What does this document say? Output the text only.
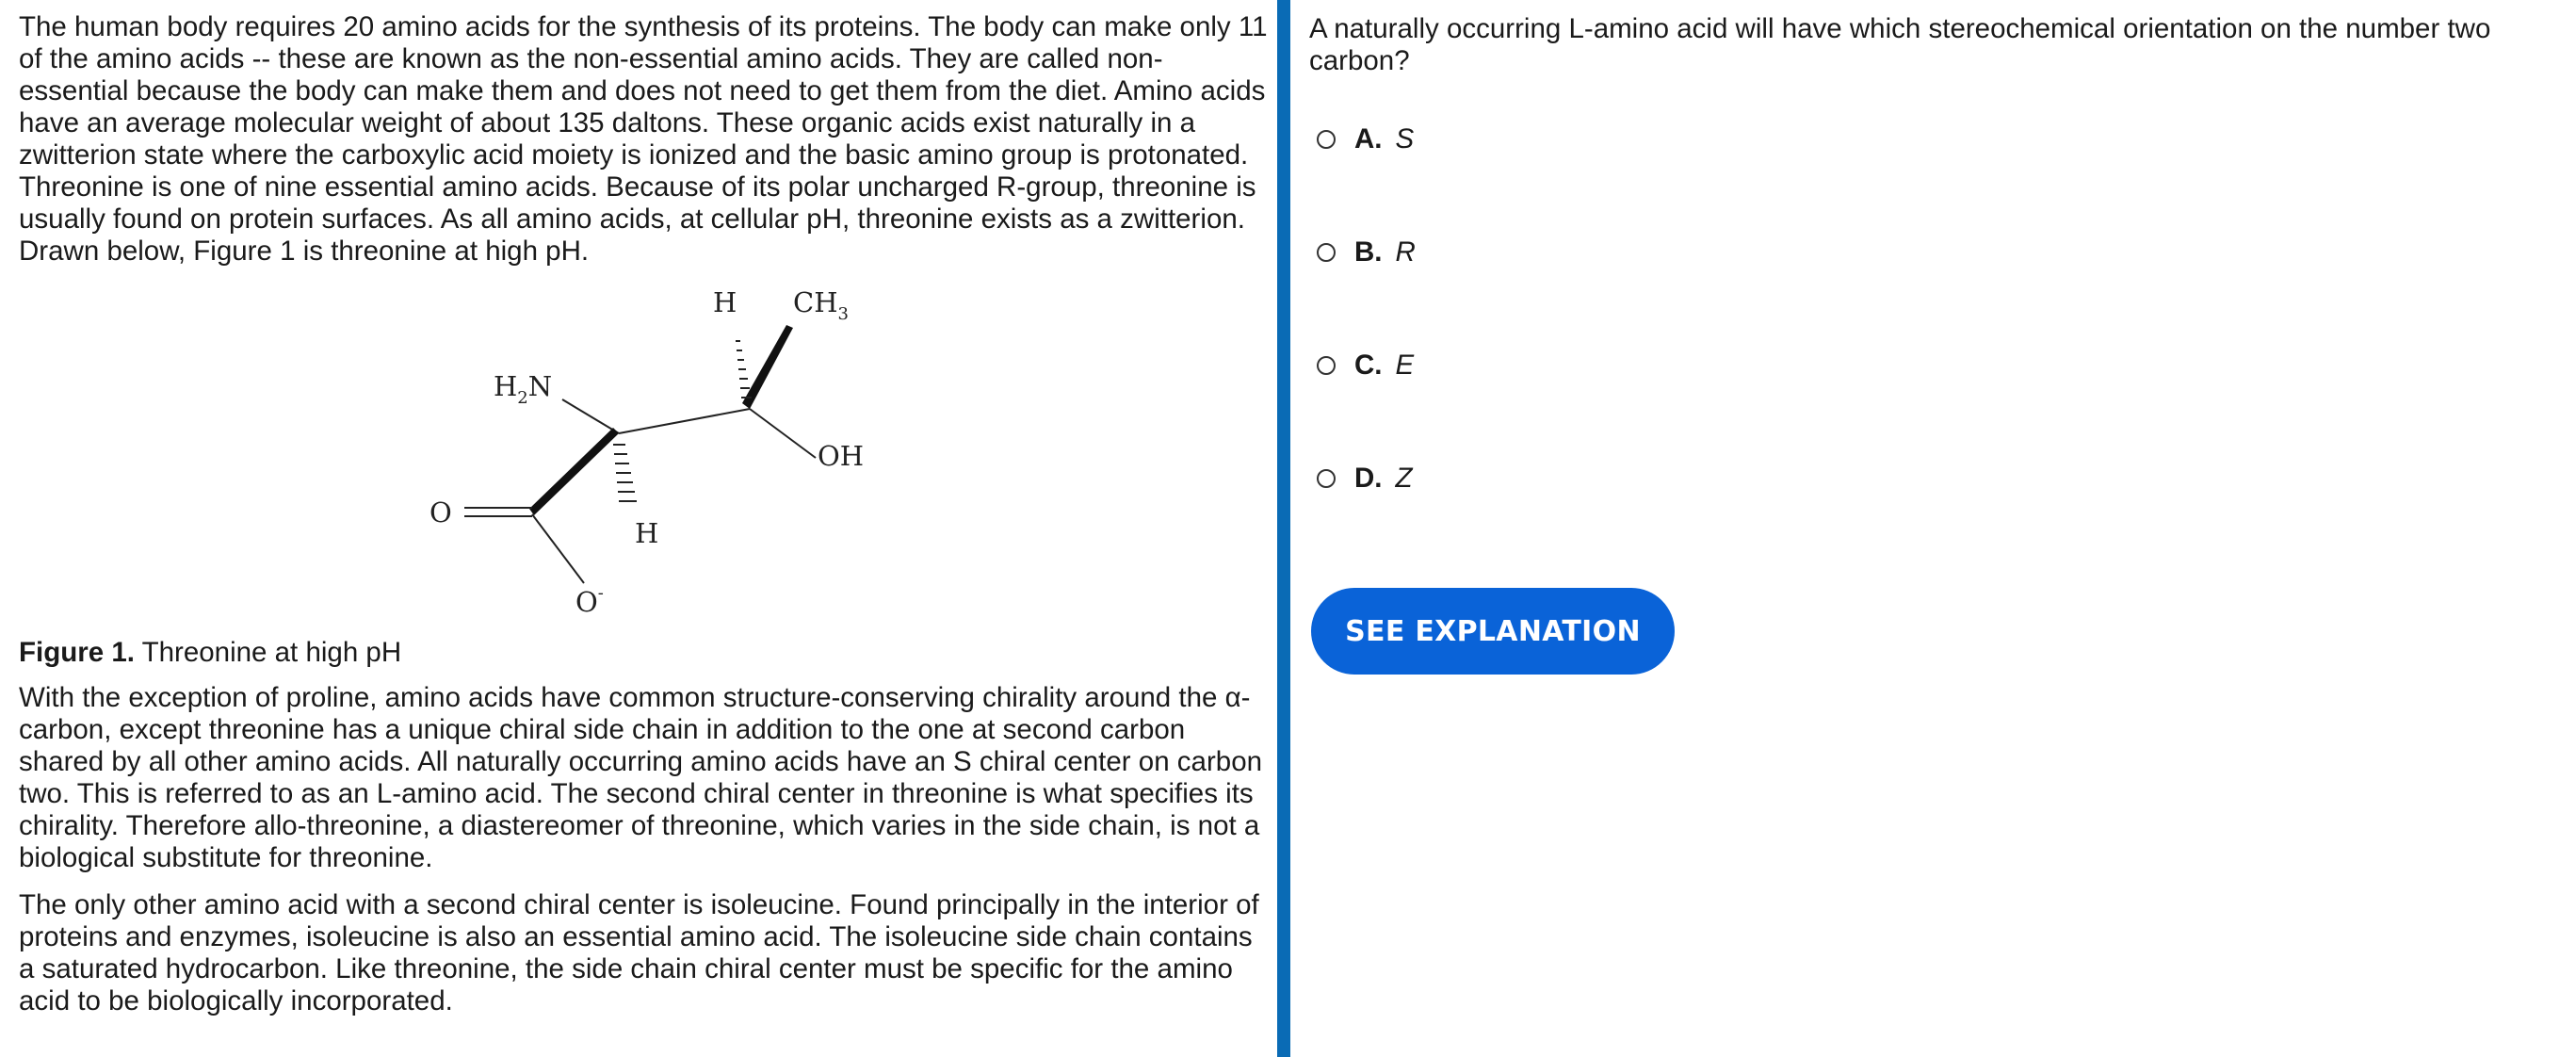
The human body requires 20 amino acids for the synthesis of its proteins. The body can make only 11 of the amino acids -- these are known as the non-essential amino acids. They are called non-essential because the body can make them and does not need to get them from the diet. Amino acids have an average molecular weight of about 135 daltons. These organic acids exist naturally in a zwitterion state where the carboxylic acid moiety is ionized and the basic amino group is protonated. Threonine is one of nine essential amino acids. Because of its polar uncharged R-group, threonine is usually found on protein surfaces. As all amino acids, at cellular pH, threonine exists as a zwitterion. Drawn below, Figure 1 is threonine at high pH.

H $CH_3$
$H_2N$
OH
O
H
O-

Figure 1. Threonine at high pH

With the exception of proline, amino acids have common structure-conserving chirality around the α-carbon, except threonine has a unique chiral side chain in addition to the one at second carbon shared by all other amino acids. All naturally occurring amino acids have an S chiral center on carbon two. This is referred to as an L-amino acid. The second chiral center in threonine is what specifies its chirality. Therefore allo-threonine, a diastereomer of threonine, which varies in the side chain, is not a biological substitute for threonine.

The only other amino acid with a second chiral center is isoleucine. Found principally in the interior of proteins and enzymes, isoleucine is also an essential amino acid. The isoleucine side chain contains a saturated hydrocarbon. Like threonine, the side chain chiral center must be specific for the amino acid to be biologically incorporated.

A naturally occurring L-amino acid will have which stereochemical orientation on the number two carbon?

A. S
B. R
C. E
D. Z
SEE EXPLANATION
